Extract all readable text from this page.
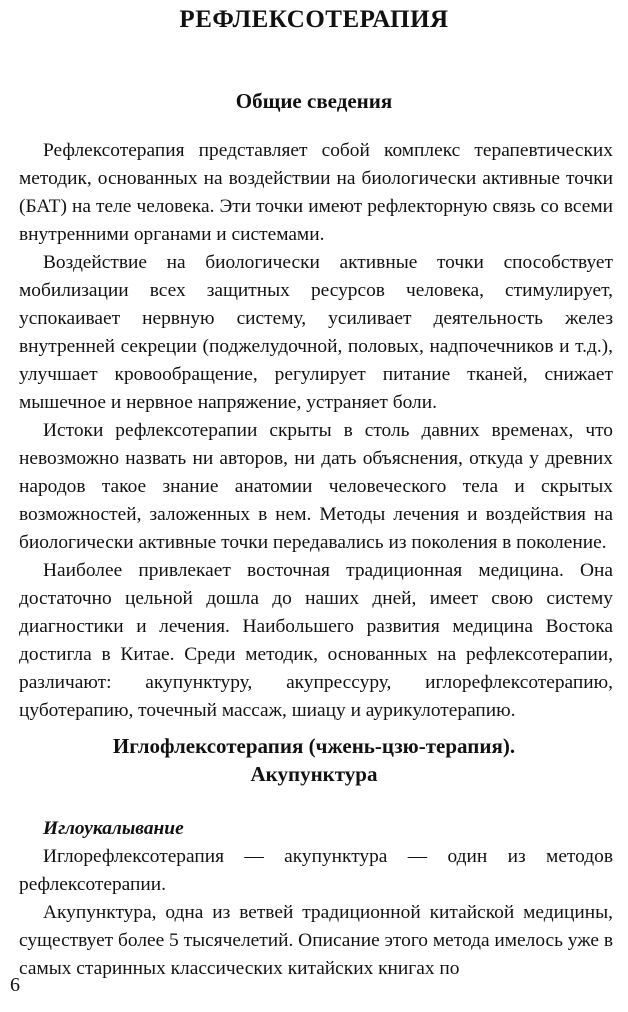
РЕФЛЕКСОТЕРАПИЯ
Общие сведения

Рефлексотерапия представляет собой комплекс терапевтических методик, основанных на воздействии на биологически активные точки (БАТ) на теле человека. Эти точки имеют рефлекторную связь со всеми внутренними органами и системами.

Воздействие на биологически активные точки способствует мобилизации всех защитных ресурсов человека, стимулирует, успокаивает нервную систему, усиливает деятельность желез внутренней секреции (поджелудочной, половых, надпочечников и т.д.), улучшает кровообращение, регулирует питание тканей, снижает мышечное и нервное напряжение, устраняет боли.

Истоки рефлексотерапии скрыты в столь давних временах, что невозможно назвать ни авторов, ни дать объяснения, откуда у древних народов такое знание анатомии человеческого тела и скрытых возможностей, заложенных в нем. Методы лечения и воздействия на биологически активные точки передавались из поколения в поколение.

Наиболее привлекает восточная традиционная медицина. Она достаточно цельной дошла до наших дней, имеет свою систему диагностики и лечения. Наибольшего развития медицина Востока достигла в Китае. Среди методик, основанных на рефлексотерапии, различают: акупунктуру, акупрессуру, иглорефлексотерапию, цуботерапию, точечный массаж, шиацу и аурикулотерапию.

Иглофлексотерапия (чжень-цзю-терапия).
Акупунктура
Иглоукалывание

Иглорефлексотерапия — акупунктура — один из методов рефлексотерапии.

Акупунктура, одна из ветвей традиционной китайской медицины, существует более 5 тысячелетий. Описание этого метода имелось уже в самых старинных классических китайских книгах по

6
